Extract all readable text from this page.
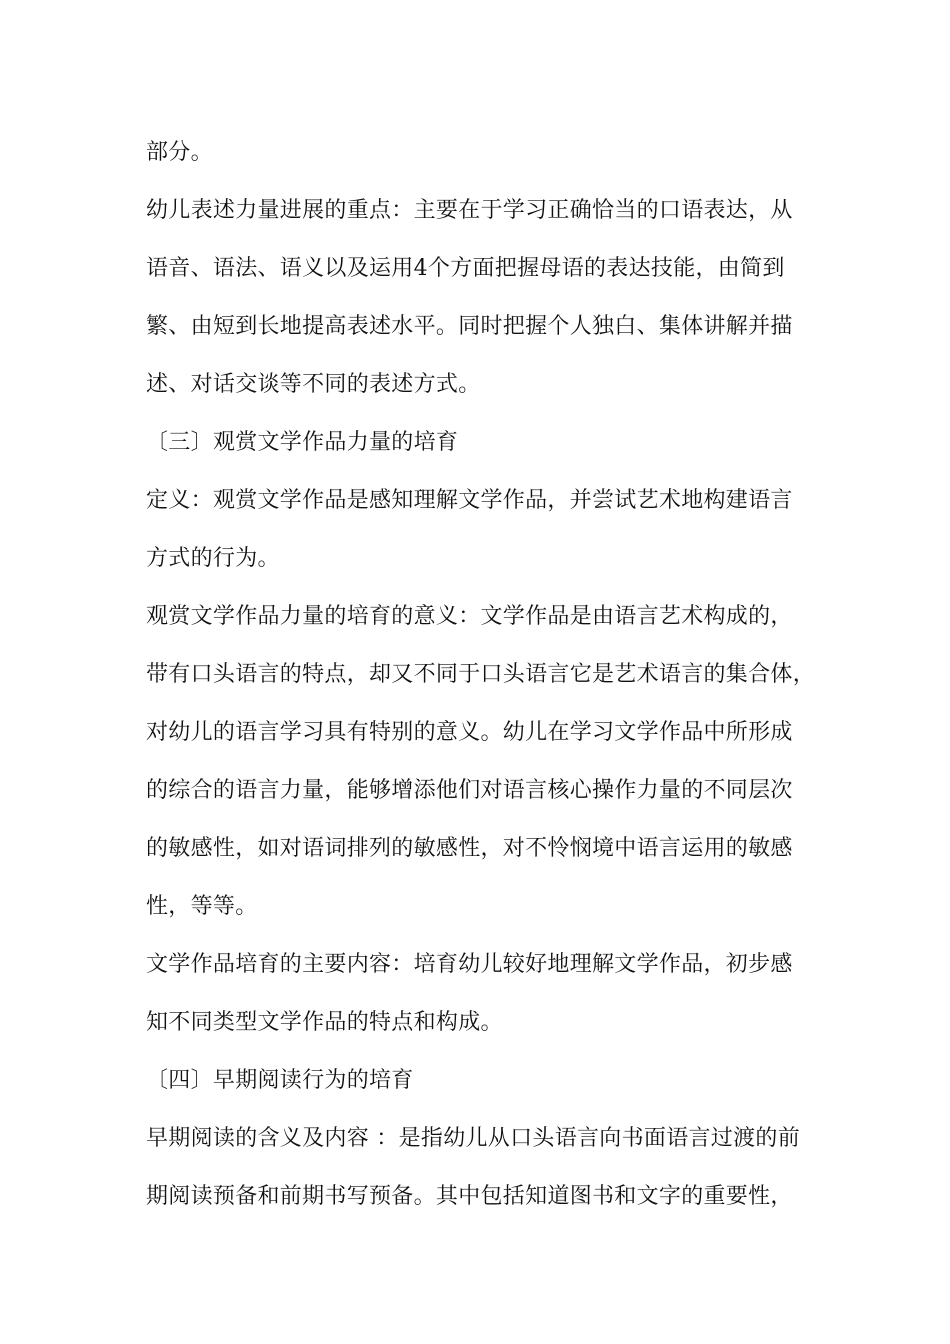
部分。
幼儿表述力量进展的重点：主要在于学习正确恰当的口语表达，从
语音、语法、语义以及运用4个方面把握母语的表达技能，由简到
繁、由短到长地提高表述水平。同时把握个人独白、集体讲解并描
述、对话交谈等不同的表述方式。
〔三〕观赏文学作品力量的培育
定义：观赏文学作品是感知理解文学作品，并尝试艺术地构建语言
方式的行为。
观赏文学作品力量的培育的意义：文学作品是由语言艺术构成的，
带有口头语言的特点，却又不同于口头语言它是艺术语言的集合体，
对幼儿的语言学习具有特别的意义。幼儿在学习文学作品中所形成
的综合的语言力量，能够增添他们对语言核心操作力量的不同层次
的敏感性，如对语词排列的敏感性，对不怜悯境中语言运用的敏感
性，等等。
文学作品培育的主要内容：培育幼儿较好地理解文学作品，初步感
知不同类型文学作品的特点和构成。
〔四〕早期阅读行为的培育
早期阅读的含义及内容 ：是指幼儿从口头语言向书面语言过渡的前
期阅读预备和前期书写预备。其中包括知道图书和文字的重要性，
